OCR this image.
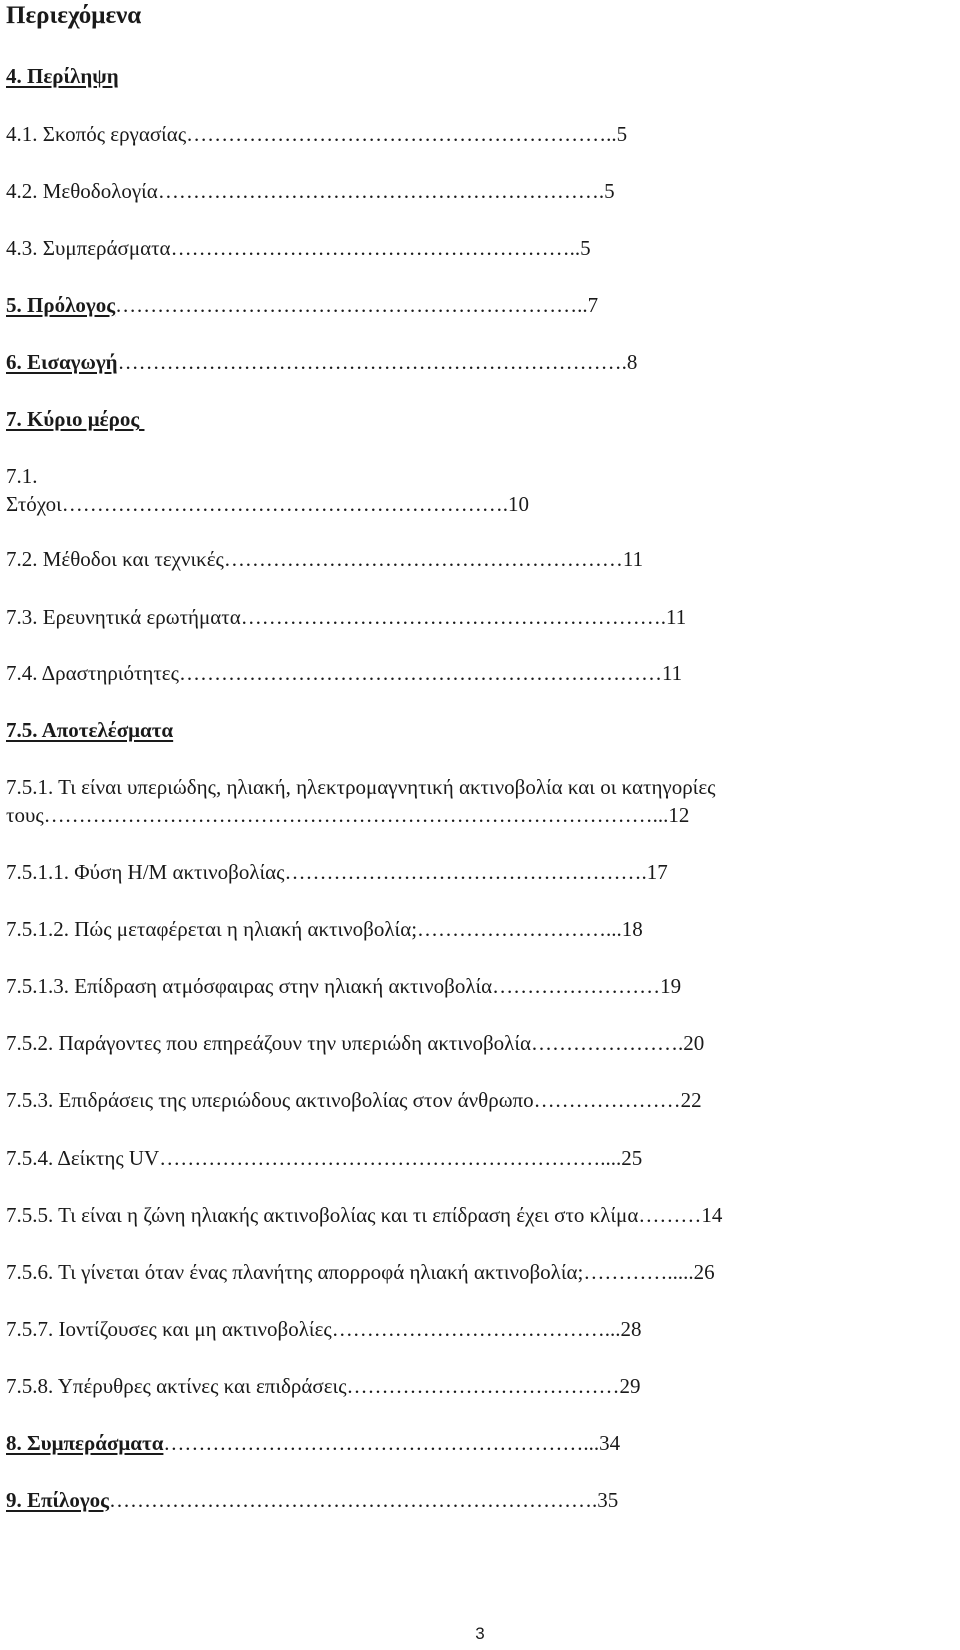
Περιεχόμενα
4. Περίληψη
4.1. Σκοπός εργασίας……………………………………………………..5
4.2. Μεθοδολογία……………………………………………………….5
4.3. Συμπεράσματα…………………………………………………..5
5. Πρόλογος…………………………………………………………..7
6. Εισαγωγή……………………………………………………………….8
7. Κύριο μέρος
7.1.
Στόχοι……………………………………………………….10
7.2. Μέθοδοι και τεχνικές…………………………………………………11
7.3. Ερευνητικά ερωτήματα…………………………………………………….11
7.4. Δραστηριότητες……………………………………………………………11
7.5. Αποτελέσματα
7.5.1. Τι είναι υπεριώδης, ηλιακή, ηλεκτρομαγνητική ακτινοβολία και οι κατηγορίες
τους……………………………………………………………………………...12
7.5.1.1. Φύση Η/Μ ακτινοβολίας…………………………………………….17
7.5.1.2. Πώς μεταφέρεται η ηλιακή ακτινοβολία;………………………...18
7.5.1.3. Επίδραση ατμόσφαιρας στην ηλιακή ακτινοβολία……………………19
7.5.2. Παράγοντες που επηρεάζουν την υπεριώδη ακτινοβολία………………….20
7.5.3. Επιδράσεις της υπεριώδους ακτινοβολίας στον άνθρωπο…………………22
7.5.4. Δείκτης UV………………………………………………………....25
7.5.5. Τι είναι η ζώνη ηλιακής ακτινοβολίας και τι επίδραση έχει στο κλίμα………14
7.5.6. Τι γίνεται όταν ένας πλανήτης απορροφά ηλιακή ακτινοβολία;………….....26
7.5.7. Ιοντίζουσες και μη ακτινοβολίες…………………………………...28
7.5.8. Υπέρυθρες ακτίνες και επιδράσεις…………………………………29
8. Συμπεράσματα……………………………………………………...34
9. Επίλογος…………………………………………………………….35
3
